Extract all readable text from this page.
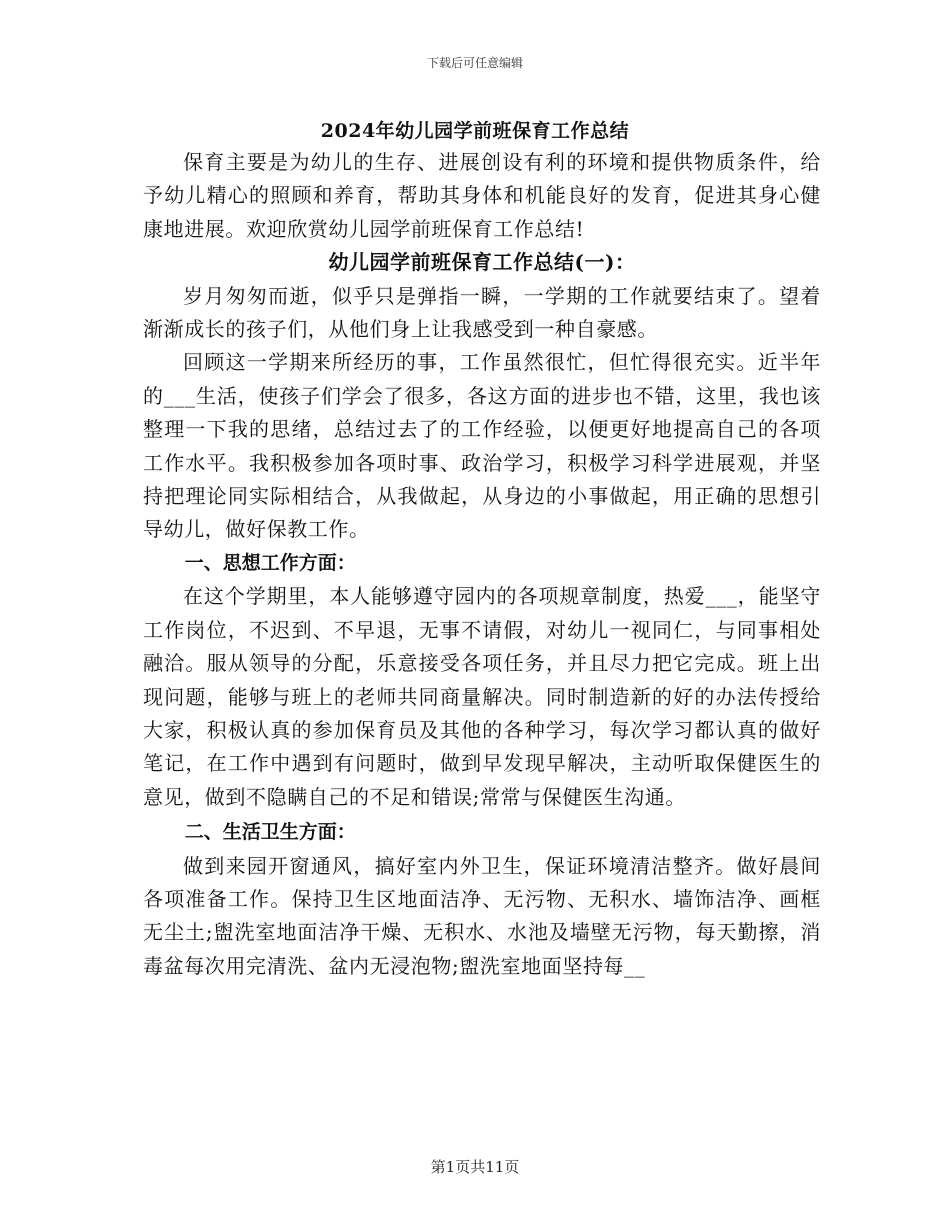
下载后可任意编辑
2024年幼儿园学前班保育工作总结

保育主要是为幼儿的生存、进展创设有利的环境和提供物质条件，给予幼儿精心的照顾和养育，帮助其身体和机能良好的发育，促进其身心健康地进展。欢迎欣赏幼儿园学前班保育工作总结!

幼儿园学前班保育工作总结(一)：

岁月匆匆而逝，似乎只是弹指一瞬，一学期的工作就要结束了。望着渐渐成长的孩子们，从他们身上让我感受到一种自豪感。

回顾这一学期来所经历的事，工作虽然很忙，但忙得很充实。近半年的___生活，使孩子们学会了很多，各这方面的进步也不错，这里，我也该整理一下我的思绪，总结过去了的工作经验，以便更好地提高自己的各项工作水平。我积极参加各项时事、政治学习，积极学习科学进展观，并坚持把理论同实际相结合，从我做起，从身边的小事做起，用正确的思想引导幼儿，做好保教工作。

一、思想工作方面：

在这个学期里，本人能够遵守园内的各项规章制度，热爱___，能坚守工作岗位，不迟到、不早退，无事不请假，对幼儿一视同仁，与同事相处融洽。服从领导的分配，乐意接受各项任务，并且尽力把它完成。班上出现问题，能够与班上的老师共同商量解决。同时制造新的好的办法传授给大家，积极认真的参加保育员及其他的各种学习，每次学习都认真的做好笔记，在工作中遇到有问题时，做到早发现早解决，主动听取保健医生的意见，做到不隐瞒自己的不足和错误;常常与保健医生沟通。

二、生活卫生方面：

做到来园开窗通风，搞好室内外卫生，保证环境清洁整齐。做好晨间各项准备工作。保持卫生区地面洁净、无污物、无积水、墙饰洁净、画框无尘土;盥洗室地面洁净干燥、无积水、水池及墙壁无污物，每天勤擦，消毒盆每次用完清洗、盆内无浸泡物;盥洗室地面坚持每__

第1页共11页
